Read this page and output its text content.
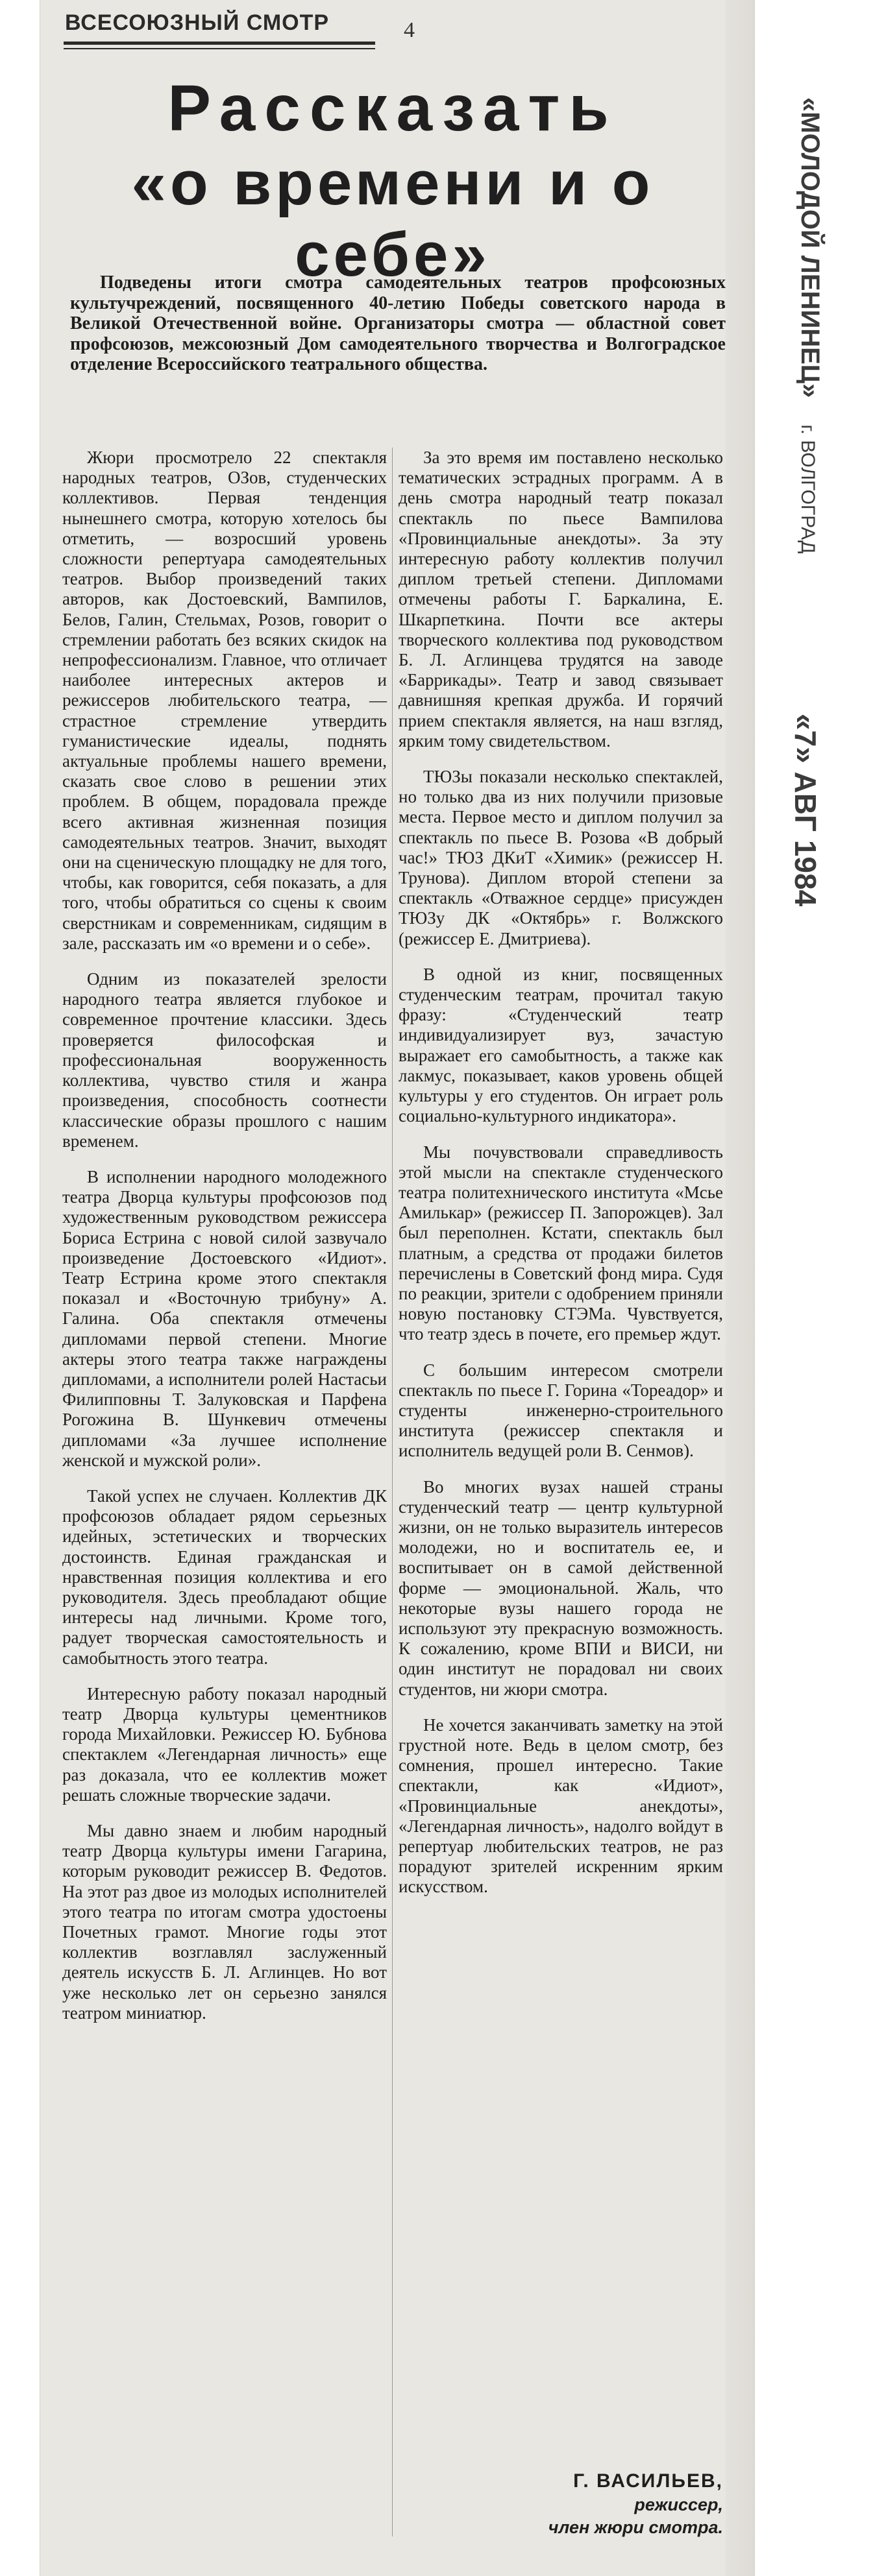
ВСЕСОЮЗНЫЙ СМОТР	4
Рассказать
«о времени и о себе»	«МОЛОДОЙ ЛЕНИНЕЦ» г. ВОЛГОГРАД
«7» АВГ 1984
Подведены итоги смотра самодеятельных театров профсоюзных культучреждений, посвященного 40-летию Победы советского народа в Великой Отечественной войне. Организаторы смотра — областной совет профсоюзов, межсоюзный Дом самодеятельного творчества и Волгоградское отделение Всероссийского театрального общества.

Жюри просмотрело 22 спектакля народных театров, ОЗов, студенческих коллективов. Первая тенденция нынешнего смотра, которую хотелось бы отметить, — возросший уровень сложности репертуара самодеятельных театров. Выбор произведений таких авторов, как Достоевский, Вампилов, Белов, Галин, Стельмах, Розов, говорит о стремлении работать без всяких скидок на непрофессионализм. Главное, что отличает наиболее интересных актеров и режиссеров любительского театра, — страстное стремление утвердить гуманистические идеалы, поднять актуальные проблемы нашего времени, сказать свое слово в решении этих проблем. В общем, порадовала прежде всего активная жизненная позиция самодеятельных театров. Значит, выходят они на сценическую площадку не для того, чтобы, как говорится, себя показать, а для того, чтобы обратиться со сцены к своим сверстникам и современникам, сидящим в зале, рассказать им «о времени и о себе».

Одним из показателей зрелости народного театра является глубокое и современное прочтение классики. Здесь проверяется философская и профессиональная вооруженность коллектива, чувство стиля и жанра произведения, способность соотнести классические образы прошлого с нашим временем.

В исполнении народного молодежного театра Дворца культуры профсоюзов под художественным руководством режиссера Бориса Естрина с новой силой зазвучало произведение Достоевского «Идиот». Театр Естрина кроме этого спектакля показал и «Восточную трибуну» А. Галина. Оба спектакля отмечены дипломами первой степени. Многие актеры этого театра также награждены дипломами, а исполнители ролей Настасьи Филипповны Т. Залуковская и Парфена Рогожина В. Шункевич отмечены дипломами «За лучшее исполнение женской и мужской роли».

Такой успех не случаен. Коллектив ДК профсоюзов обладает рядом серьезных идейных, эстетических и творческих достоинств. Единая гражданская и нравственная позиция коллектива и его руководителя. Здесь преобладают общие интересы над личными. Кроме того, радует творческая самостоятельность и самобытность этого театра.

Интересную работу показал народный театр Дворца культуры цементников города Михайловки. Режиссер Ю. Бубнова спектаклем «Легендарная личность» еще раз доказала, что ее коллектив может решать сложные творческие задачи.

Мы давно знаем и любим народный театр Дворца культуры имени Гагарина, которым руководит режиссер В. Федотов. На этот раз двое из молодых исполнителей этого театра по итогам смотра удостоены Почетных грамот. Многие годы этот коллектив возглавлял заслуженный деятель искусств Б. Л. Аглинцев. Но вот уже несколько лет он серьезно занялся театром миниатюр.

За это время им поставлено несколько тематических эстрадных программ. А в день смотра народный театр показал спектакль по пьесе Вампилова «Провинциальные анекдоты». За эту интересную работу коллектив получил диплом третьей степени. Дипломами отмечены работы Г. Баркалина, Е. Шкарпеткина. Почти все актеры творческого коллектива под руководством Б. Л. Аглинцева трудятся на заводе «Баррикады». Театр и завод связывает давнишняя крепкая дружба. И горячий прием спектакля является, на наш взгляд, ярким тому свидетельством.

ТЮЗы показали несколько спектаклей, но только два из них получили призовые места. Первое место и диплом получил за спектакль по пьесе В. Розова «В добрый час!» ТЮЗ ДКиТ «Химик» (режиссер Н. Трунова). Диплом второй степени за спектакль «Отважное сердце» присужден ТЮЗу ДК «Октябрь» г. Волжского (режиссер Е. Дмитриева).

В одной из книг, посвященных студенческим театрам, прочитал такую фразу: «Студенческий театр индивидуализирует вуз, зачастую выражает его самобытность, а также как лакмус, показывает, каков уровень общей культуры у его студентов. Он играет роль социально-культурного индикатора».

Мы почувствовали справедливость этой мысли на спектакле студенческого театра политехнического института «Мсье Амилькар» (режиссер П. Запорожцев). Зал был переполнен. Кстати, спектакль был платным, а средства от продажи билетов перечислены в Советский фонд мира. Судя по реакции, зрители с одобрением приняли новую постановку СТЭМа. Чувствуется, что театр здесь в почете, его премьер ждут.

С большим интересом смотрели спектакль по пьесе Г. Горина «Тореадор» и студенты инженерно-строительного института (режиссер спектакля и исполнитель ведущей роли В. Сенмов).

Во многих вузах нашей страны студенческий театр — центр культурной жизни, он не только выразитель интересов молодежи, но и воспитатель ее, и воспитывает он в самой действенной форме — эмоциональной. Жаль, что некоторые вузы нашего города не используют эту прекрасную возможность. К сожалению, кроме ВПИ и ВИСИ, ни один институт не порадовал ни своих студентов, ни жюри смотра.

Не хочется заканчивать заметку на этой грустной ноте. Ведь в целом смотр, без сомнения, прошел интересно. Такие спектакли, как «Идиот», «Провинциальные анекдоты», «Легендарная личность», надолго войдут в репертуар любительских театров, не раз порадуют зрителей искренним ярким искусством.

Г. ВАСИЛЬЕВ,
режиссер,
член жюри смотра.
